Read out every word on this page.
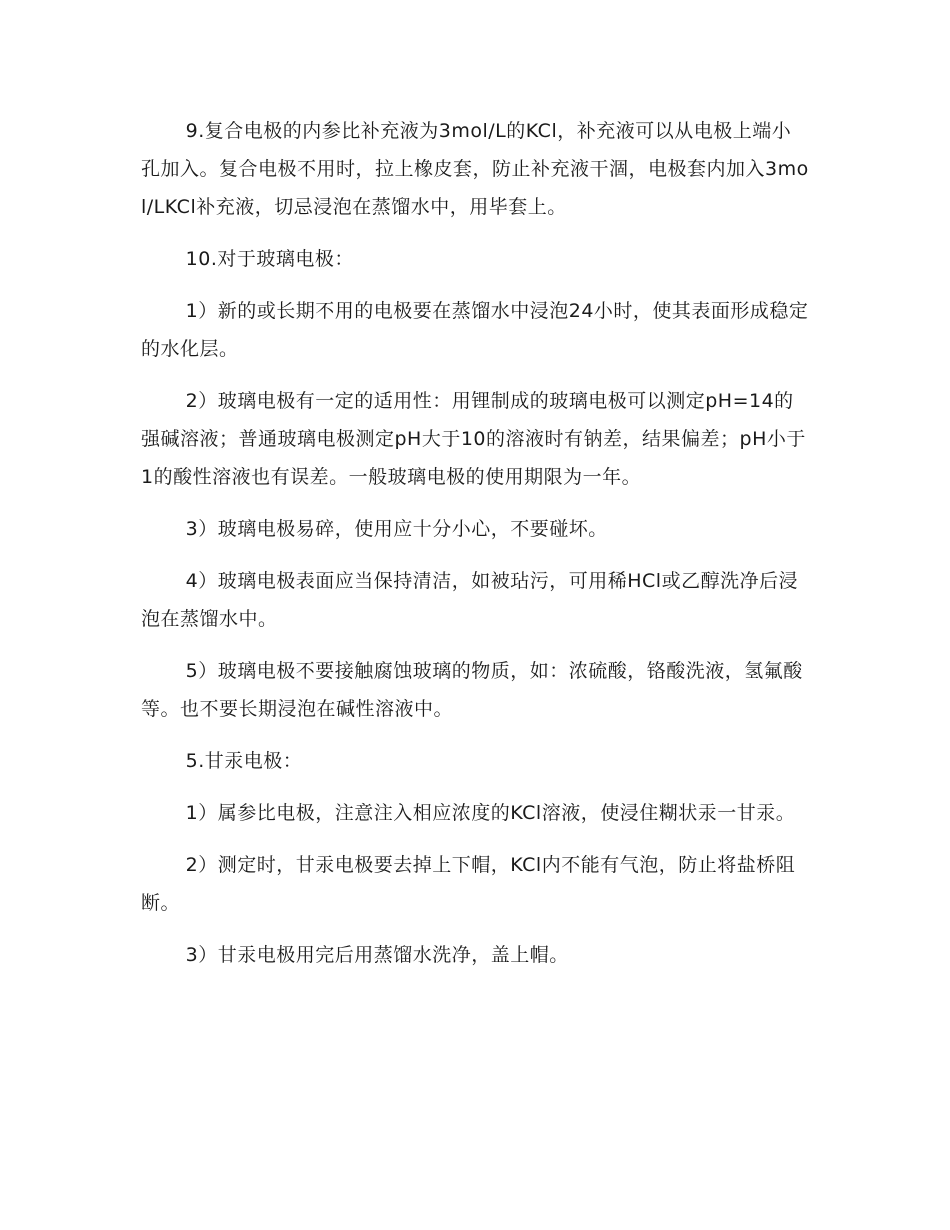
9.复合电极的内参比补充液为3mol/L的KCl，补充液可以从电极上端小孔加入。复合电极不用时，拉上橡皮套，防止补充液干涸，电极套内加入3mol/LKCl补充液，切忌浸泡在蒸馏水中，用毕套上。

10.对于玻璃电极：

1）新的或长期不用的电极要在蒸馏水中浸泡24小时，使其表面形成稳定的水化层。

2）玻璃电极有一定的适用性：用锂制成的玻璃电极可以测定pH=14的强碱溶液；普通玻璃电极测定pH大于10的溶液时有钠差，结果偏差；pH小于1的酸性溶液也有误差。一般玻璃电极的使用期限为一年。

3）玻璃电极易碎，使用应十分小心，不要碰坏。

4）玻璃电极表面应当保持清洁，如被玷污，可用稀HCl或乙醇洗净后浸泡在蒸馏水中。

5）玻璃电极不要接触腐蚀玻璃的物质，如：浓硫酸，铬酸洗液，氢氟酸等。也不要长期浸泡在碱性溶液中。

5.甘汞电极：

1）属参比电极，注意注入相应浓度的KCl溶液，使浸住糊状汞一甘汞。

2）测定时，甘汞电极要去掉上下帽，KCl内不能有气泡，防止将盐桥阻断。

3）甘汞电极用完后用蒸馏水洗净，盖上帽。
